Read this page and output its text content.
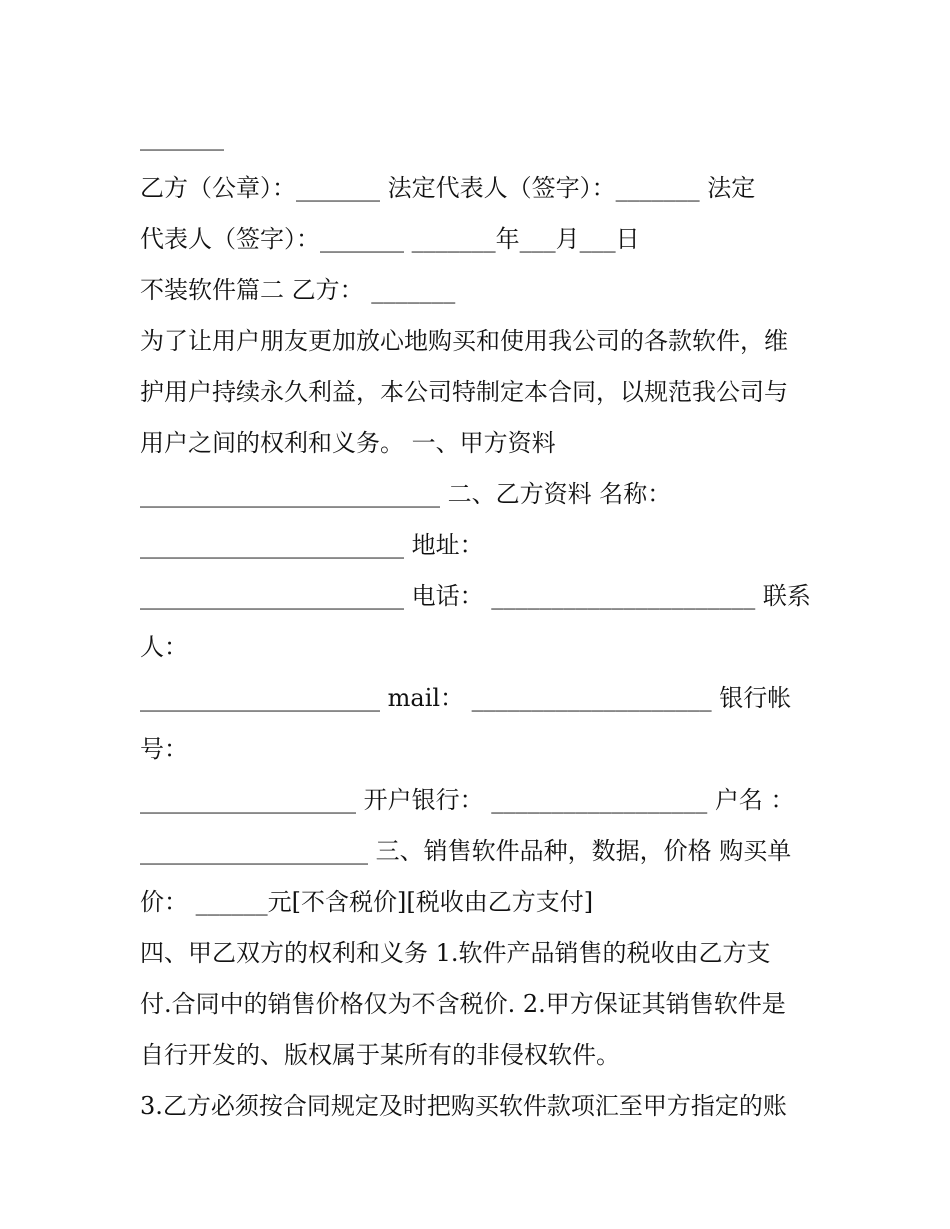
_______
乙方（公章）：_______ 法定代表人（签字）：_______ 法定
代表人（签字）：_______ _______年___月___日
不装软件篇二 乙方： _______
为了让用户朋友更加放心地购买和使用我公司的各款软件，维
护用户持续永久利益，本公司特制定本合同，以规范我公司与
用户之间的权利和义务。 一、甲方资料
_________________________ 二、乙方资料 名称：
______________________ 地址：
______________________ 电话： ______________________ 联系
人：
____________________ mail： ____________________ 银行帐
号：
__________________ 开户银行： __________________ 户名 ：
___________________ 三、销售软件品种，数据，价格 购买单
价： ______元[不含税价][税收由乙方支付]
四、甲乙双方的权利和义务 1.软件产品销售的税收由乙方支
付.合同中的销售价格仅为不含税价. 2.甲方保证其销售软件是
自行开发的、版权属于某所有的非侵权软件。
3.乙方必须按合同规定及时把购买软件款项汇至甲方指定的账
